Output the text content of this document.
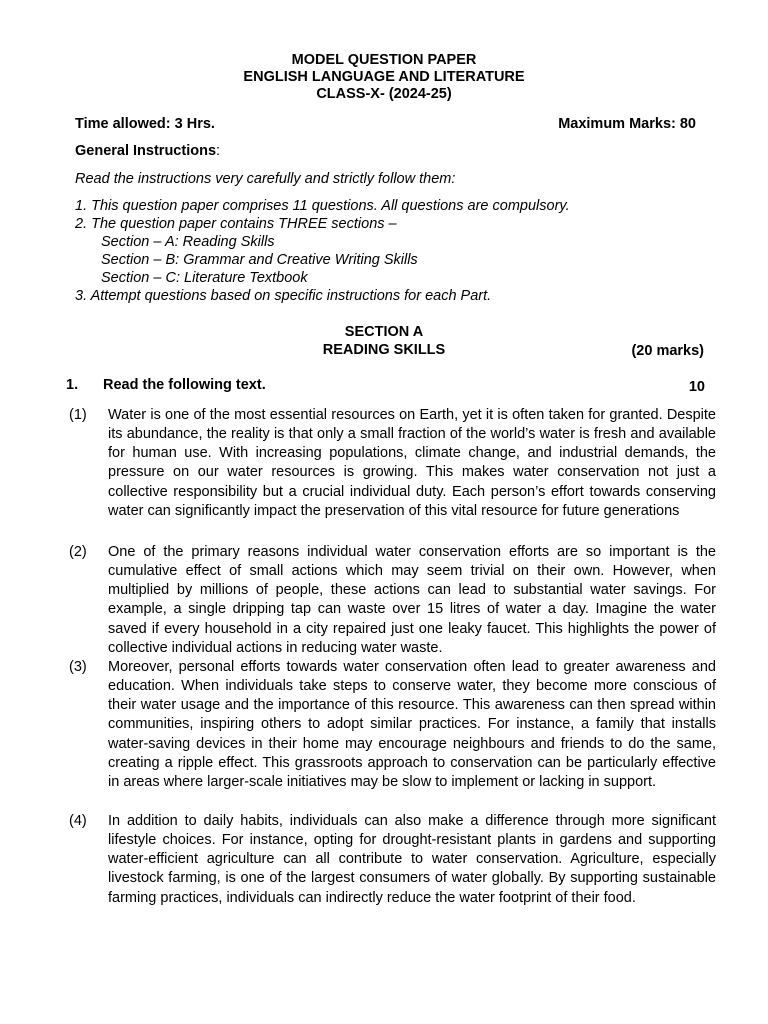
MODEL QUESTION PAPER
ENGLISH LANGUAGE AND LITERATURE
CLASS-X- (2024-25)
Time allowed: 3 Hrs.	Maximum Marks: 80
General Instructions:
Read the instructions very carefully and strictly follow them:
1. This question paper comprises 11 questions. All questions are compulsory.
2. The question paper contains THREE sections –
Section – A: Reading Skills
Section – B: Grammar and Creative Writing Skills
Section – C: Literature Textbook
3. Attempt questions based on specific instructions for each Part.
SECTION A
READING SKILLS	(20 marks)
1. Read the following text.	10
(1) Water is one of the most essential resources on Earth, yet it is often taken for granted. Despite its abundance, the reality is that only a small fraction of the world’s water is fresh and available for human use. With increasing populations, climate change, and industrial demands, the pressure on our water resources is growing. This makes water conservation not just a collective responsibility but a crucial individual duty. Each person’s effort towards conserving water can significantly impact the preservation of this vital resource for future generations
(2) One of the primary reasons individual water conservation efforts are so important is the cumulative effect of small actions which may seem trivial on their own. However, when multiplied by millions of people, these actions can lead to substantial water savings. For example, a single dripping tap can waste over 15 litres of water a day. Imagine the water saved if every household in a city repaired just one leaky faucet. This highlights the power of collective individual actions in reducing water waste.
(3) Moreover, personal efforts towards water conservation often lead to greater awareness and education. When individuals take steps to conserve water, they become more conscious of their water usage and the importance of this resource. This awareness can then spread within communities, inspiring others to adopt similar practices. For instance, a family that installs water-saving devices in their home may encourage neighbours and friends to do the same, creating a ripple effect. This grassroots approach to conservation can be particularly effective in areas where larger-scale initiatives may be slow to implement or lacking in support.
(4) In addition to daily habits, individuals can also make a difference through more significant lifestyle choices. For instance, opting for drought-resistant plants in gardens and supporting water-efficient agriculture can all contribute to water conservation. Agriculture, especially livestock farming, is one of the largest consumers of water globally. By supporting sustainable farming practices, individuals can indirectly reduce the water footprint of their food.
